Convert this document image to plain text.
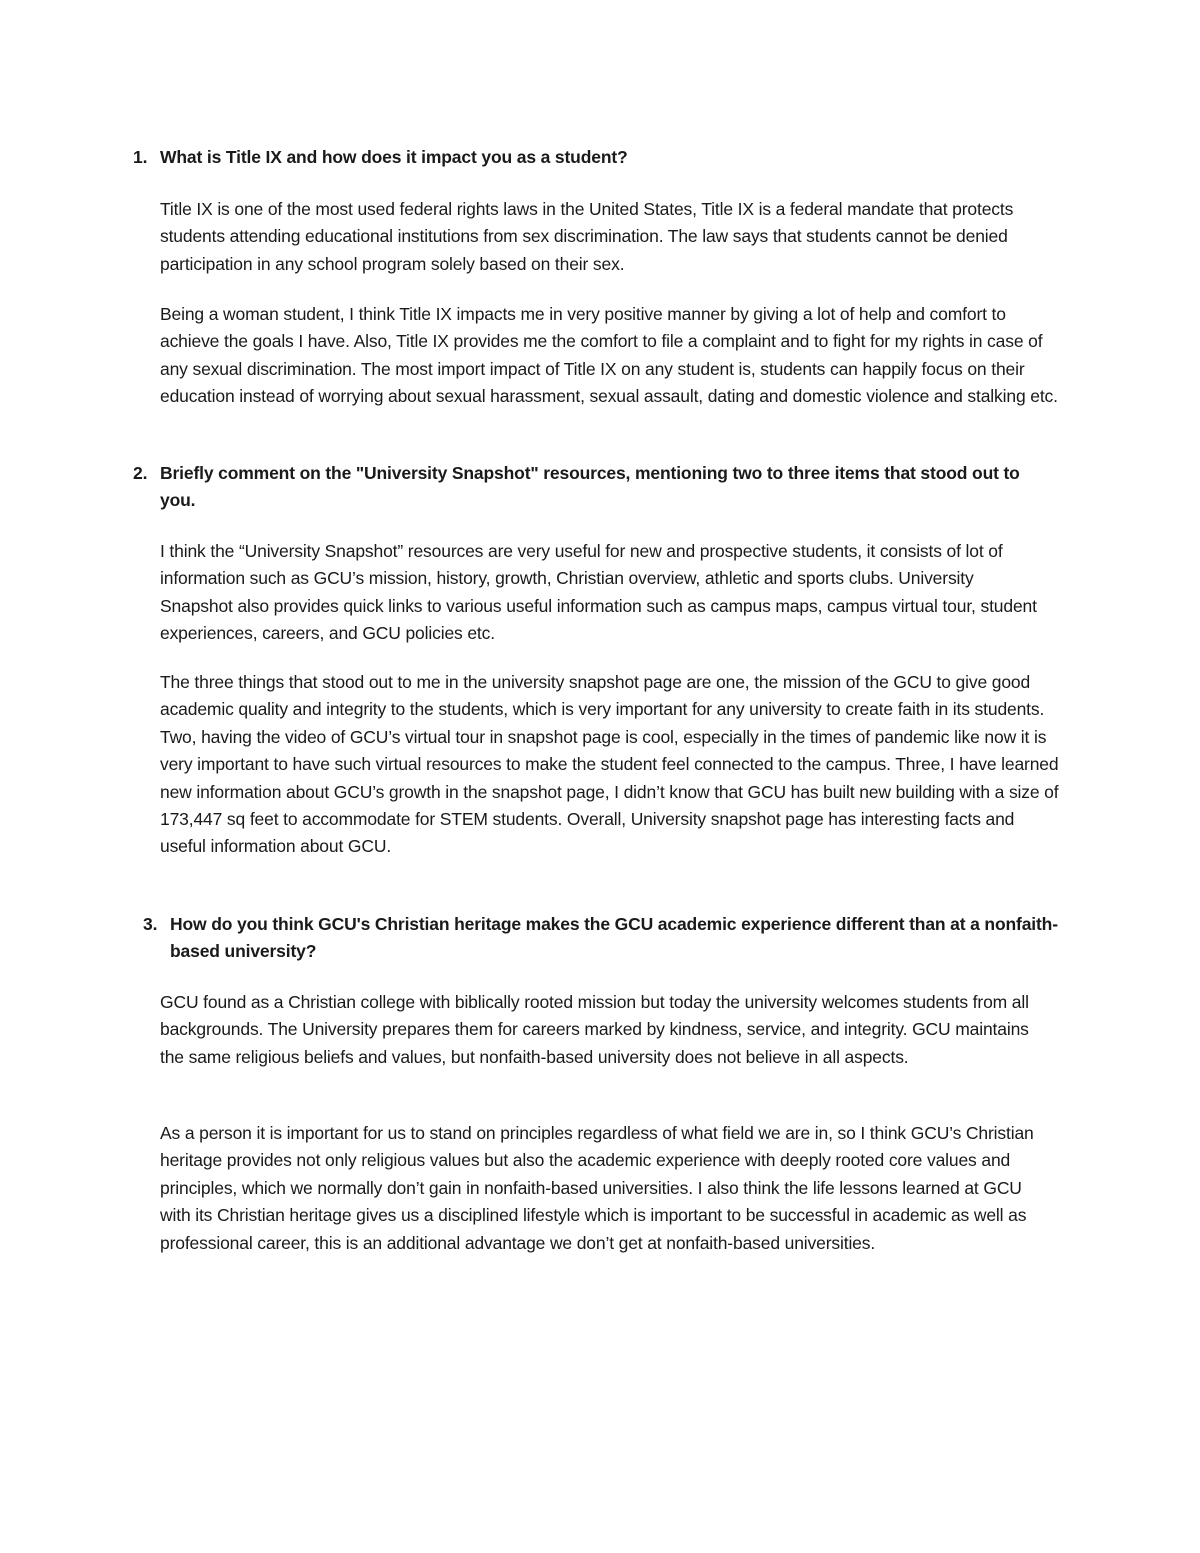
1. What is Title IX and how does it impact you as a student?

Title IX is one of the most used federal rights laws in the United States, Title IX is a federal mandate that protects students attending educational institutions from sex discrimination. The law says that students cannot be denied participation in any school program solely based on their sex.

Being a woman student, I think Title IX impacts me in very positive manner by giving a lot of help and comfort to achieve the goals I have. Also, Title IX provides me the comfort to file a complaint and to fight for my rights in case of any sexual discrimination. The most import impact of Title IX on any student is, students can happily focus on their education instead of worrying about sexual harassment, sexual assault, dating and domestic violence and stalking etc.

2. Briefly comment on the "University Snapshot" resources, mentioning two to three items that stood out to you.

I think the “University Snapshot” resources are very useful for new and prospective students, it consists of lot of information such as GCU’s mission, history, growth, Christian overview, athletic and sports clubs. University Snapshot also provides quick links to various useful information such as campus maps, campus virtual tour, student experiences, careers, and GCU policies etc.

The three things that stood out to me in the university snapshot page are one, the mission of the GCU to give good academic quality and integrity to the students, which is very important for any university to create faith in its students. Two, having the video of GCU’s virtual tour in snapshot page is cool, especially in the times of pandemic like now it is very important to have such virtual resources to make the student feel connected to the campus. Three, I have learned new information about GCU’s growth in the snapshot page, I didn’t know that GCU has built new building with a size of 173,447 sq feet to accommodate for STEM students. Overall, University snapshot page has interesting facts and useful information about GCU.

3. How do you think GCU's Christian heritage makes the GCU academic experience different than at a nonfaith-based university?

GCU found as a Christian college with biblically rooted mission but today the university welcomes students from all backgrounds. The University prepares them for careers marked by kindness, service, and integrity. GCU maintains the same religious beliefs and values, but nonfaith-based university does not believe in all aspects.

As a person it is important for us to stand on principles regardless of what field we are in, so I think GCU’s Christian heritage provides not only religious values but also the academic experience with deeply rooted core values and principles, which we normally don’t gain in nonfaith-based universities. I also think the life lessons learned at GCU with its Christian heritage gives us a disciplined lifestyle which is important to be successful in academic as well as professional career, this is an additional advantage we don’t get at nonfaith-based universities.
